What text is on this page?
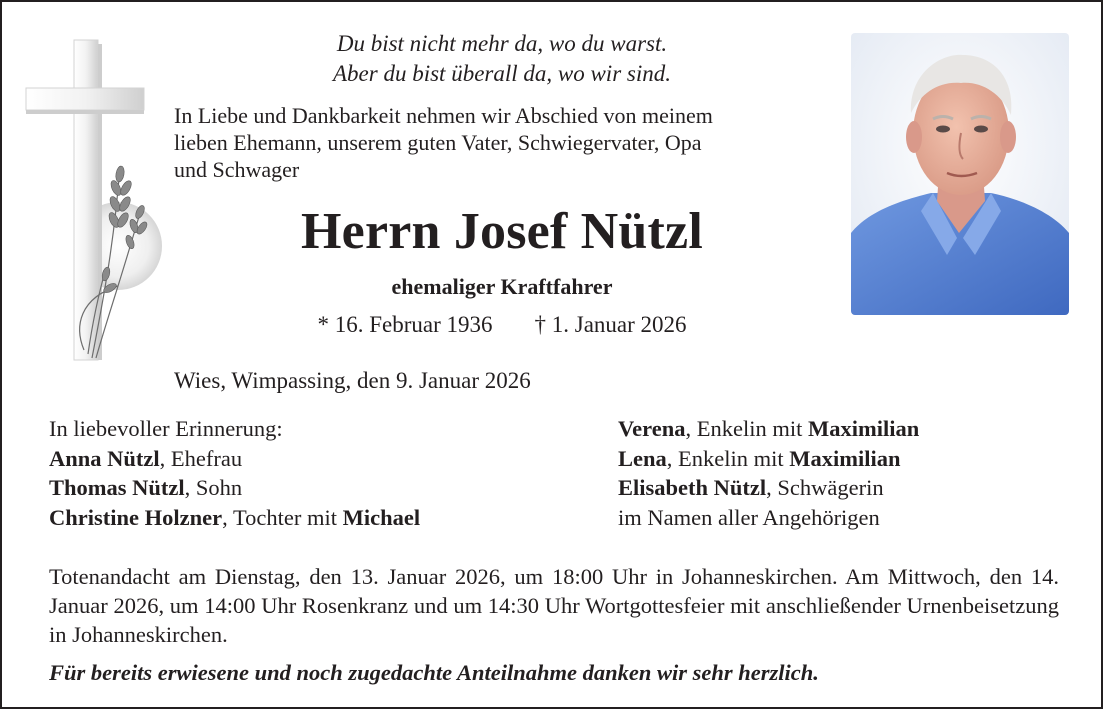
Du bist nicht mehr da, wo du warst.
Aber du bist überall da, wo wir sind.
In Liebe und Dankbarkeit nehmen wir Abschied von meinem
lieben Ehemann, unserem guten Vater, Schwiegervater, Opa
und Schwager
Herrn Josef Nützl
ehemaliger Kraftfahrer
* 16. Februar 1936 † 1. Januar 2026
Wies, Wimpassing, den 9. Januar 2026
In liebevoller Erinnerung:
Anna Nützl, Ehefrau
Thomas Nützl, Sohn
Christine Holzner, Tochter mit Michael
Verena, Enkelin mit Maximilian
Lena, Enkelin mit Maximilian
Elisabeth Nützl, Schwägerin
im Namen aller Angehörigen
Totenandacht am Dienstag, den 13. Januar 2026, um 18:00 Uhr in Johanneskirchen. Am Mittwoch, den 14. Januar 2026, um 14:00 Uhr Rosenkranz und um 14:30 Uhr Wortgottesfeier mit anschließender Urnenbeisetzung in Johanneskirchen.
Für bereits erwiesene und noch zugedachte Anteilnahme danken wir sehr herzlich.
